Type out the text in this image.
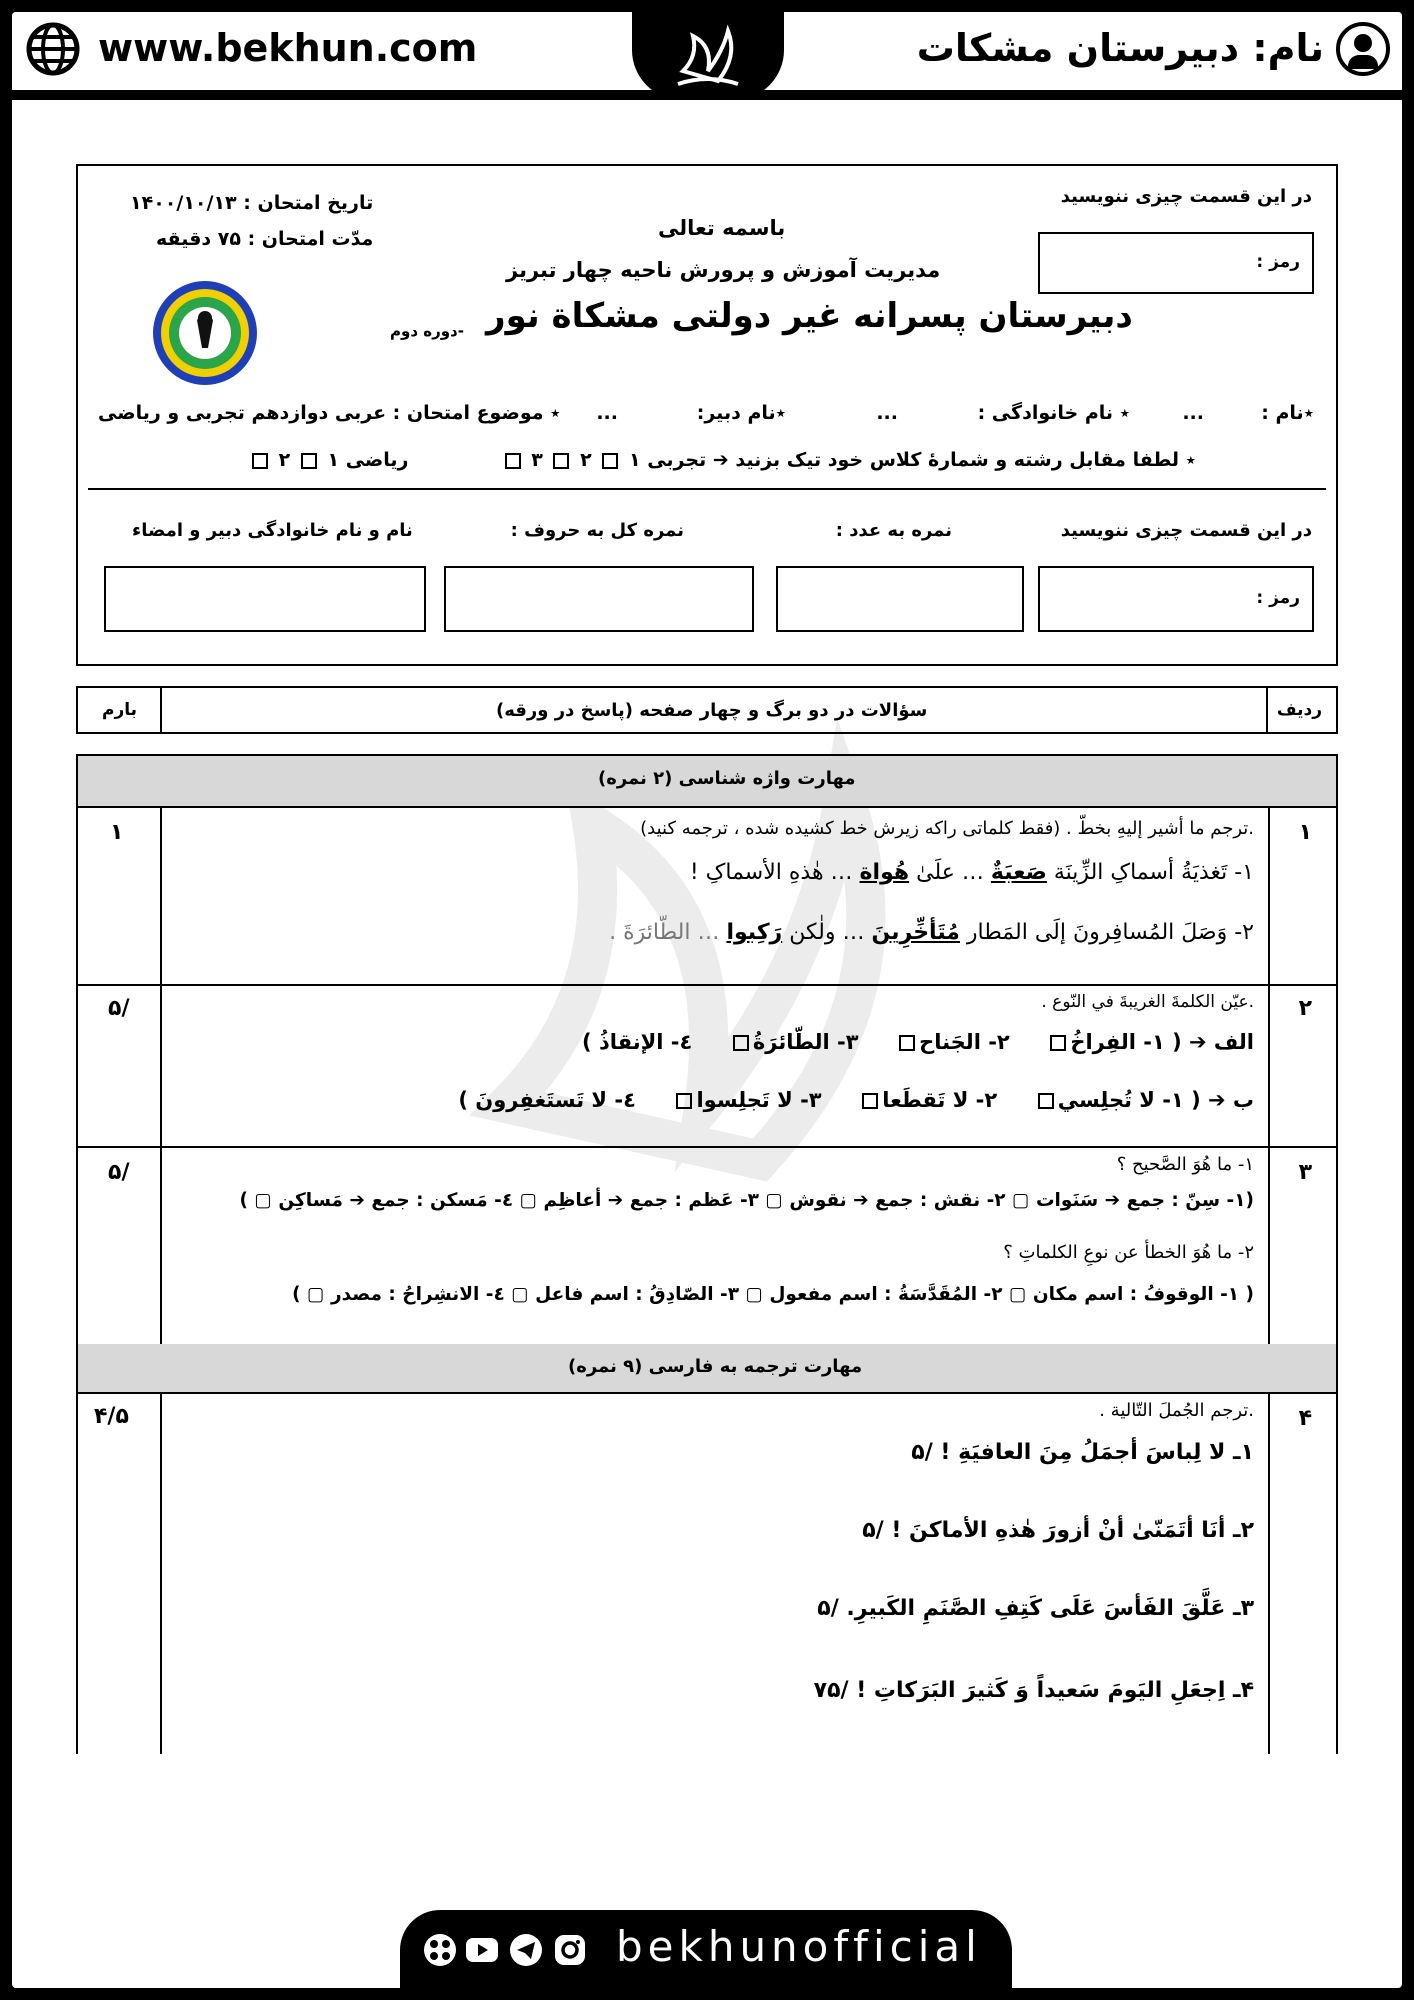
نام: دبیرستان مشکات
www.bekhun.com
در این قسمت چیزی ننویسید
رمز :
باسمه تعالی
مدیریت آموزش و پرورش ناحیه چهار تبریز
دبیرستان پسرانه غیر دولتی مشکاة نور
-دوره دوم
تاریخ امتحان : ۱۴۰۰/۱۰/۱۳
مدّت امتحان : ۷۵ دقیقه
٭نام :
...
٭ نام خانوادگی :
...
٭نام دبیر:
...
٭ موضوع امتحان : عربی دوازدهم تجربی و ریاضی
٭ لطفا مقابل رشته و شمارهٔ کلاس خود تیک بزنید ➔ تجربی ۱  ۲  ۳
ریاضی ۱  ۲
در این قسمت چیزی ننویسید
نمره به عدد :
نمره کل به حروف :
نام و نام خانوادگی دبیر و امضاء
رمز :
ردیف
سؤالات در دو برگ و چهار صفحه (پاسخ در ورقه)
بارم
مهارت واژه شناسی (۲ نمره)
۱
۱	.ترجم ما أشیر إلیهِ بخطّ . (فقط کلماتی راکه زیرش خط کشیده شده ، ترجمه کنید)
۱- تَغذیَةُ أسماکِ الزِّینَة صَعبَةٌ … علَیٰ هُواة … هٰذهِ الأسماکِ !
۲- وَصَلَ المُسافِرونَ إلَی المَطار مُتَأخِّرِینَ … ولٰکن رَکِبوا … الطّائرَةَ .
۲
/۵	.عیّن الکلمةَ الغریبةَ في النّوع .
الف ➔ ( ۱- الفِراخُ     ۲- الجَناح     ۳- الطّائرَةُ     ٤- الإنقاذُ )
ب ➔ ( ۱- لا تُجلِسي     ۲- لا تَقطَعا     ۳- لا تَجلِسوا     ٤- لا تَستَغفِرونَ )
۳
/۵	۱- ما هُوَ الصَّحیح ؟
(۱- سِنّ : جمع ➔ سَنَوات ▢ ۲- نقش : جمع ➔ نقوش ▢ ۳- عَظم : جمع ➔ أعاظِم ▢ ٤- مَسکن : جمع ➔ مَساکِن ▢ )
۲- ما هُوَ الخطأ عن نوعِ الکلماتِ ؟
( ۱- الوقوفُ : اسم مکان ▢ ۲- المُقَدَّسَةُ : اسم مفعول ▢ ۳- الصّادِقُ : اسم فاعل ▢ ٤- الانشِراحُ : مصدر ▢ )
مهارت ترجمه به فارسی (۹ نمره)
۴
۴/۵	.ترجم الجُملَ التّالیة .
۱ـ لا لِباسَ أجمَلُ مِنَ العافیَةِ ! /۵
۲ـ أنَا أتَمَنّیٰ أنْ أزورَ هٰذهِ الأماکنَ ! /۵
۳ـ عَلَّقَ الفَأسَ عَلَی کَتِفِ الصَّنَمِ الکَبیرِ. /۵
۴ـ اِجعَلِ الیَومَ سَعیداً وَ کَثیرَ البَرَکاتِ ! /۷۵
bekhunofficial
